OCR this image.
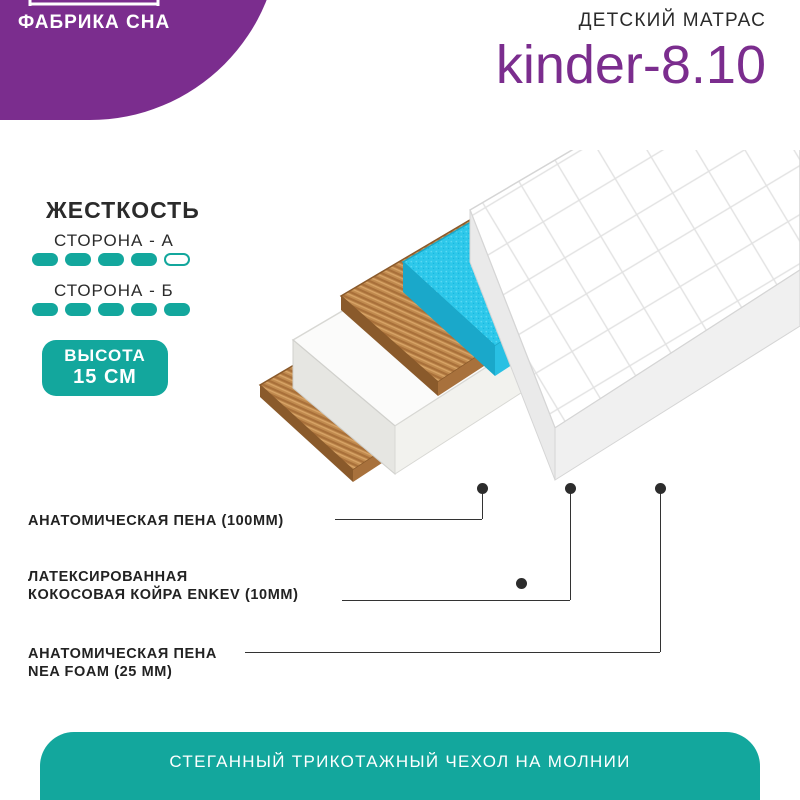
ФАБРИКА СНА	ДЕТСКИЙ МАТРАС
kinder-8.10
ЖЕСТКОСТЬ
СТОРОНА - А
СТОРОНА - Б
ВЫСОТА
15 СМ
АНАТОМИЧЕСКАЯ ПЕНА (100ММ)
ЛАТЕКСИРОВАННАЯ
КОКОСОВАЯ КОЙРА ENKEV (10ММ)
АНАТОМИЧЕСКАЯ ПЕНА
NEA FOAM (25 ММ)
СТЕГАННЫЙ ТРИКОТАЖНЫЙ ЧЕХОЛ НА МОЛНИИ
